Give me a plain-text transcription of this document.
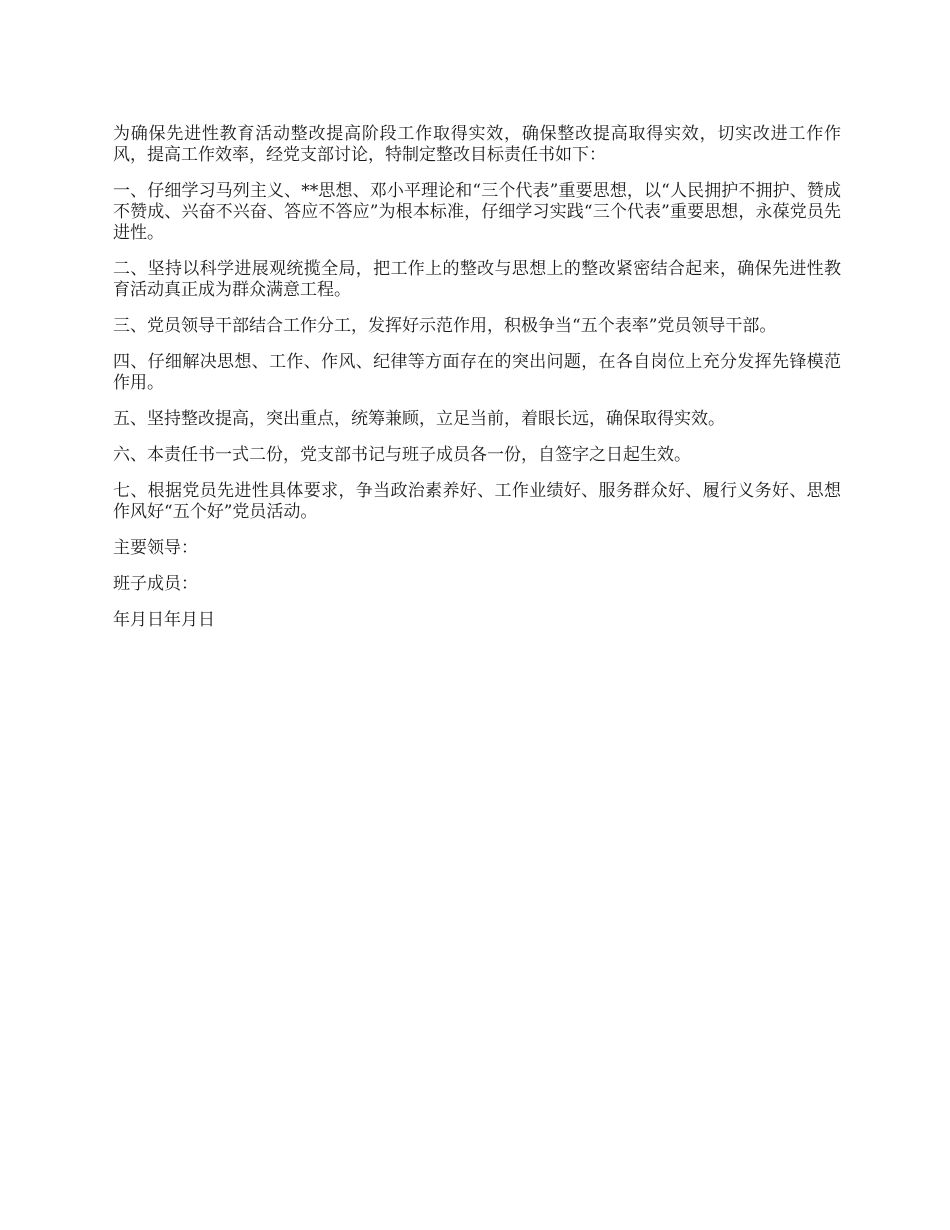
为确保先进性教育活动整改提高阶段工作取得实效，确保整改提高取得实效，切实改进工作作风，提高工作效率，经党支部讨论，特制定整改目标责任书如下：

一、仔细学习马列主义、**思想、邓小平理论和“三个代表”重要思想，以“人民拥护不拥护、赞成不赞成、兴奋不兴奋、答应不答应”为根本标准，仔细学习实践“三个代表”重要思想，永葆党员先进性。

二、坚持以科学进展观统揽全局，把工作上的整改与思想上的整改紧密结合起来，确保先进性教育活动真正成为群众满意工程。

三、党员领导干部结合工作分工，发挥好示范作用，积极争当“五个表率”党员领导干部。

四、仔细解决思想、工作、作风、纪律等方面存在的突出问题，在各自岗位上充分发挥先锋模范作用。

五、坚持整改提高，突出重点，统筹兼顾，立足当前，着眼长远，确保取得实效。

六、本责任书一式二份，党支部书记与班子成员各一份，自签字之日起生效。

七、根据党员先进性具体要求，争当政治素养好、工作业绩好、服务群众好、履行义务好、思想作风好“五个好”党员活动。

主要领导：

班子成员：

年月日年月日
